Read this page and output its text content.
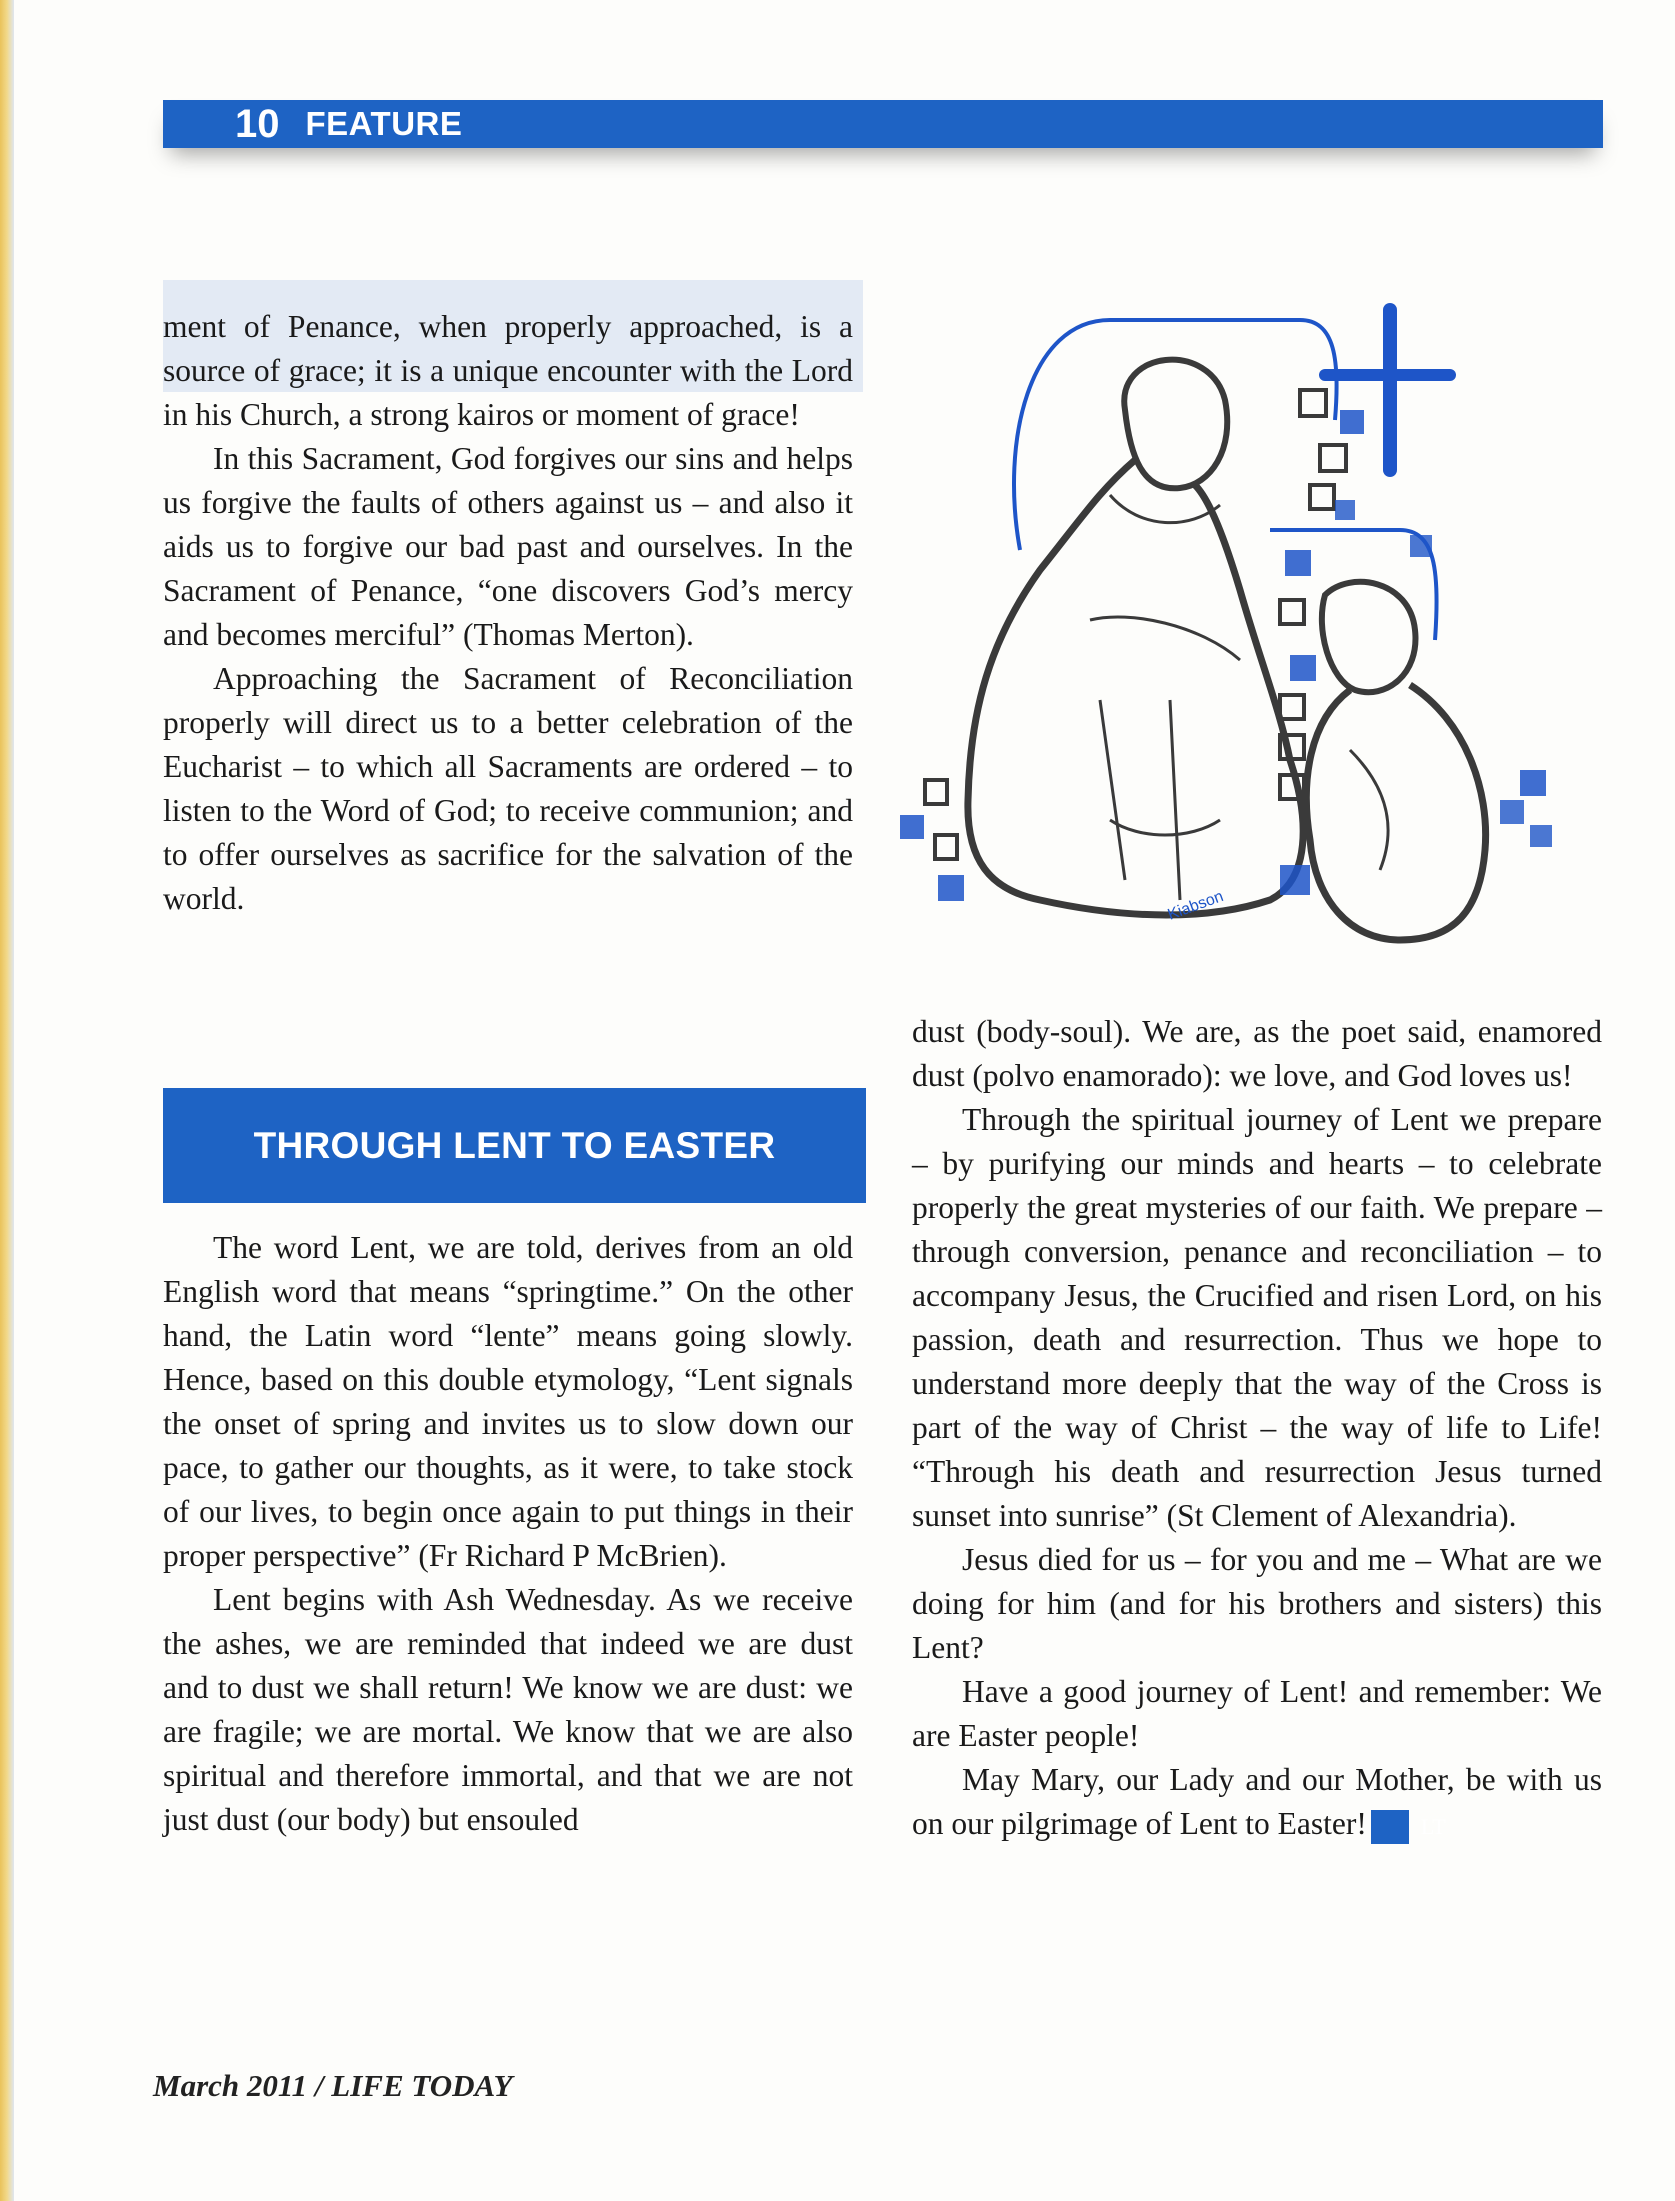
10 FEATURE

ment of Penance, when properly approached, is a source of grace; it is a unique encounter with the Lord in his Church, a strong kairos or moment of grace!

In this Sacrament, God forgives our sins and helps us forgive the faults of others against us – and also it aids us to forgive our bad past and ourselves. In the Sacrament of Penance, “one discovers God’s mercy and becomes merciful” (Thomas Merton).

Approaching the Sacrament of Reconciliation properly will direct us to a better celebration of the Eucharist – to which all Sacraments are ordered – to listen to the Word of God; to receive communion; and to offer ourselves as sacrifice for the salvation of the world.

THROUGH LENT TO EASTER

The word Lent, we are told, derives from an old English word that means “springtime.” On the other hand, the Latin word “lente” means going slowly. Hence, based on this double etymology, “Lent signals the onset of spring and invites us to slow down our pace, to gather our thoughts, as it were, to take stock of our lives, to begin once again to put things in their proper perspective” (Fr Richard P McBrien).

Lent begins with Ash Wednesday. As we receive the ashes, we are reminded that indeed we are dust and to dust we shall return! We know we are dust: we are fragile; we are mortal. We know that we are also spiritual and therefore immortal, and that we are not just dust (our body) but ensouled

Kiabson

dust (body-soul). We are, as the poet said, enamored dust (polvo enamorado): we love, and God loves us!

Through the spiritual journey of Lent we prepare – by purifying our minds and hearts – to celebrate properly the great mysteries of our faith. We prepare – through conversion, penance and reconciliation – to accompany Jesus, the Crucified and risen Lord, on his passion, death and resurrection. Thus we hope to understand more deeply that the way of the Cross is part of the way of Christ – the way of life to Life! “Through his death and resurrection Jesus turned sunset into sunrise” (St Clement of Alexandria).

Jesus died for us – for you and me – What are we doing for him (and for his brothers and sisters) this Lent?

Have a good journey of Lent! and remember: We are Easter people!

May Mary, our Lady and our Mother, be with us on our pilgrimage of Lent to Easter! LT

March 2011 / LIFE TODAY
